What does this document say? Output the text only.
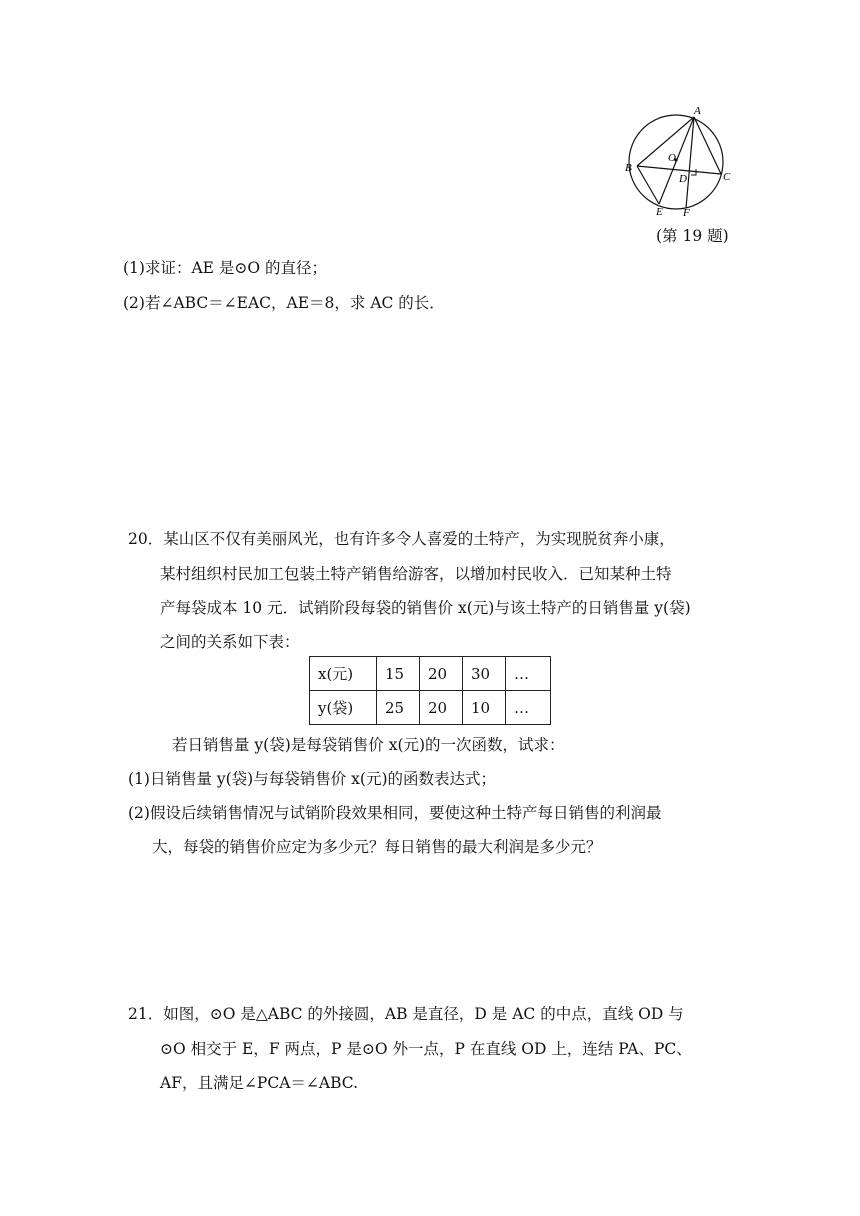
A
B
C
D
E F
O
(第 19 题)
(1)求证：AE 是⊙O 的直径；
(2)若∠ABC＝∠EAC，AE＝8，求 AC 的长．
20．某山区不仅有美丽风光，也有许多令人喜爱的土特产，为实现脱贫奔小康，
某村组织村民加工包装土特产销售给游客，以增加村民收入．已知某种土特
产每袋成本 10 元．试销阶段每袋的销售价 x(元)与该土特产的日销售量 y(袋)
之间的关系如下表：
x(元)	15	20	30	…
y(袋)	25	20	10	…
若日销售量 y(袋)是每袋销售价 x(元)的一次函数，试求：
(1)日销售量 y(袋)与每袋销售价 x(元)的函数表达式；
(2)假设后续销售情况与试销阶段效果相同，要使这种土特产每日销售的利润最
大，每袋的销售价应定为多少元？每日销售的最大利润是多少元？
21．如图，⊙O 是△ABC 的外接圆，AB 是直径，D 是 AC 的中点，直线 OD 与
⊙O 相交于 E，F 两点，P 是⊙O 外一点，P 在直线 OD 上，连结 PA、PC、
AF，且满足∠PCA＝∠ABC.
